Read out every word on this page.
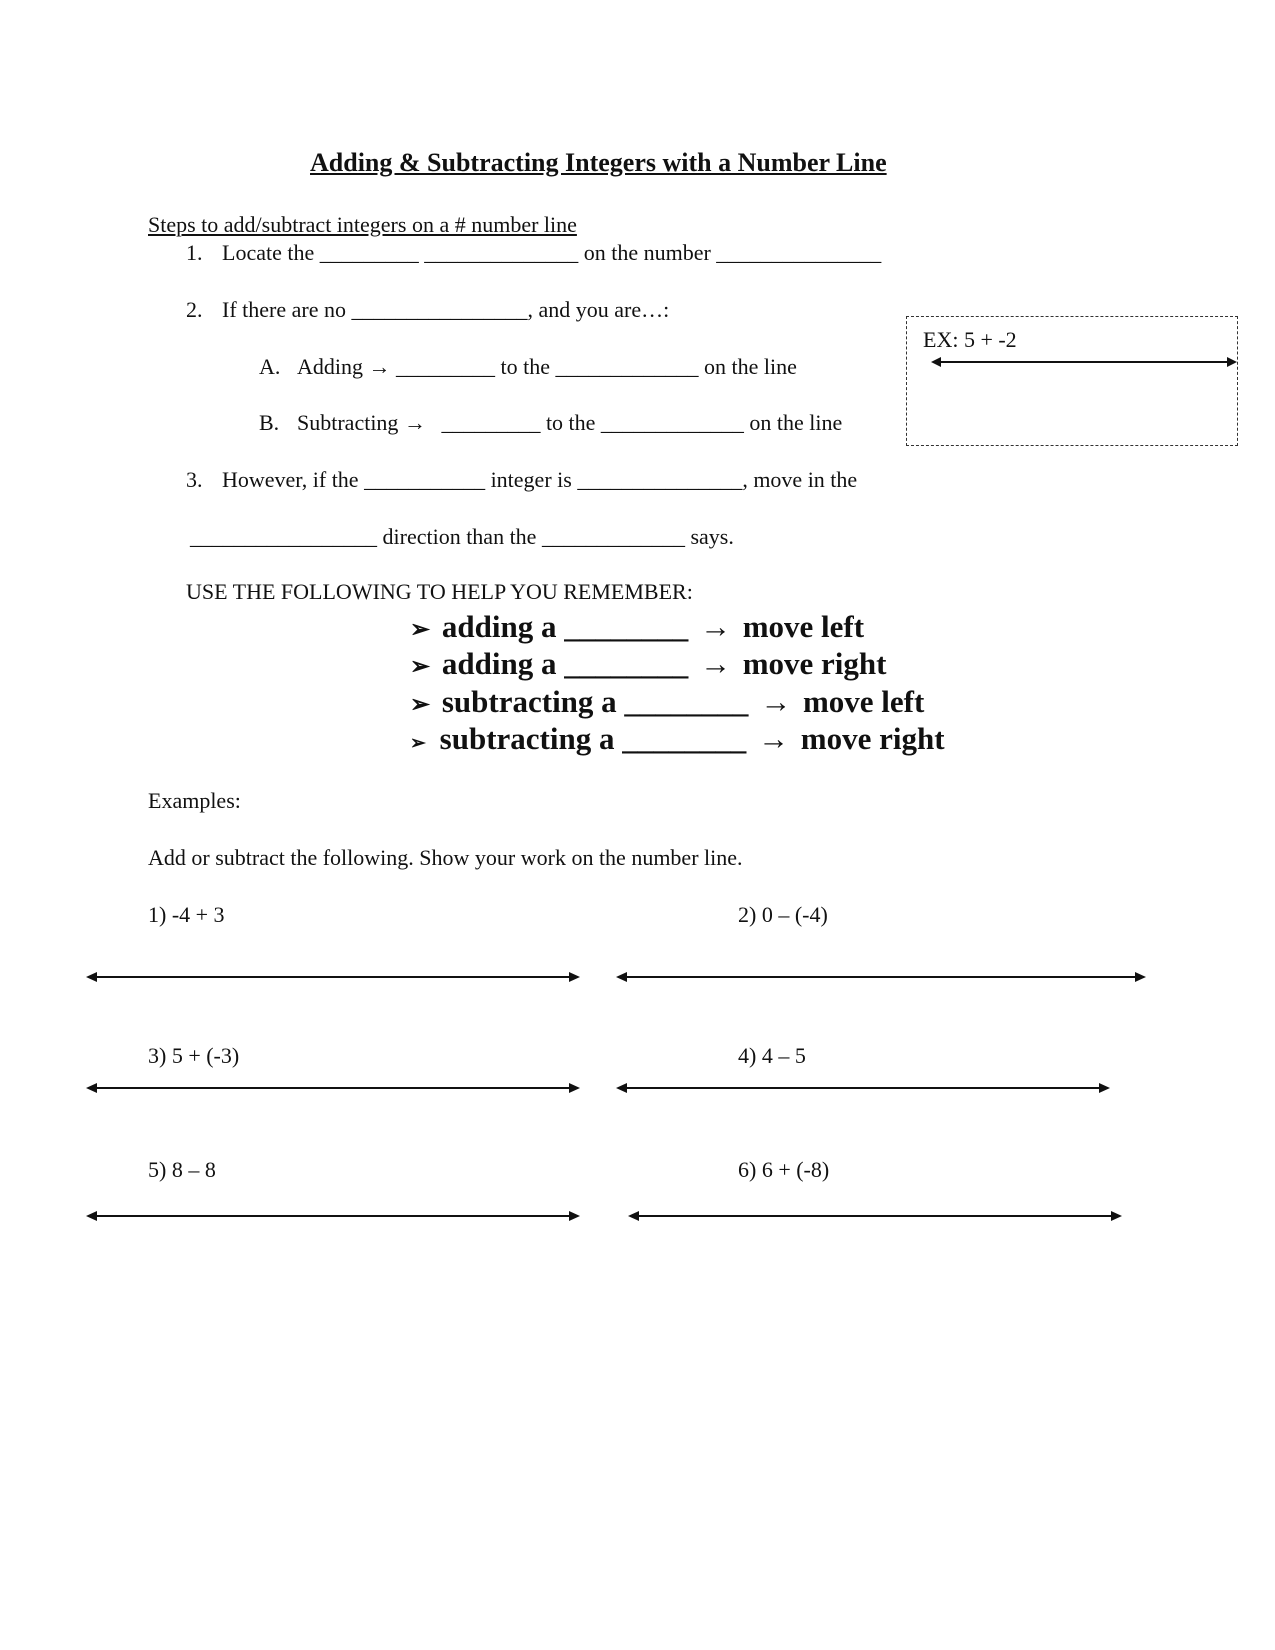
Adding & Subtracting Integers with a Number Line
Steps to add/subtract integers on a # number line
1. Locate the _________ ______________ on the number _______________
2. If there are no ________________, and you are…:
A. Adding → _________ to the _____________ on the line
B. Subtracting → _________ to the _____________ on the line
EX: 5 + -2
3. However, if the ___________ integer is _______________, move in the
_________________ direction than the _____________ says.
USE THE FOLLOWING TO HELP YOU REMEMBER:
➢ adding a ________ → move left
➢ adding a ________ → move right
➢ subtracting a ________ → move left
➢ subtracting a ________ → move right
Examples:
Add or subtract the following. Show your work on the number line.
1) -4 + 3	2) 0 – (-4)
3) 5 + (-3)	4) 4 – 5
5) 8 – 8	6) 6 + (-8)
